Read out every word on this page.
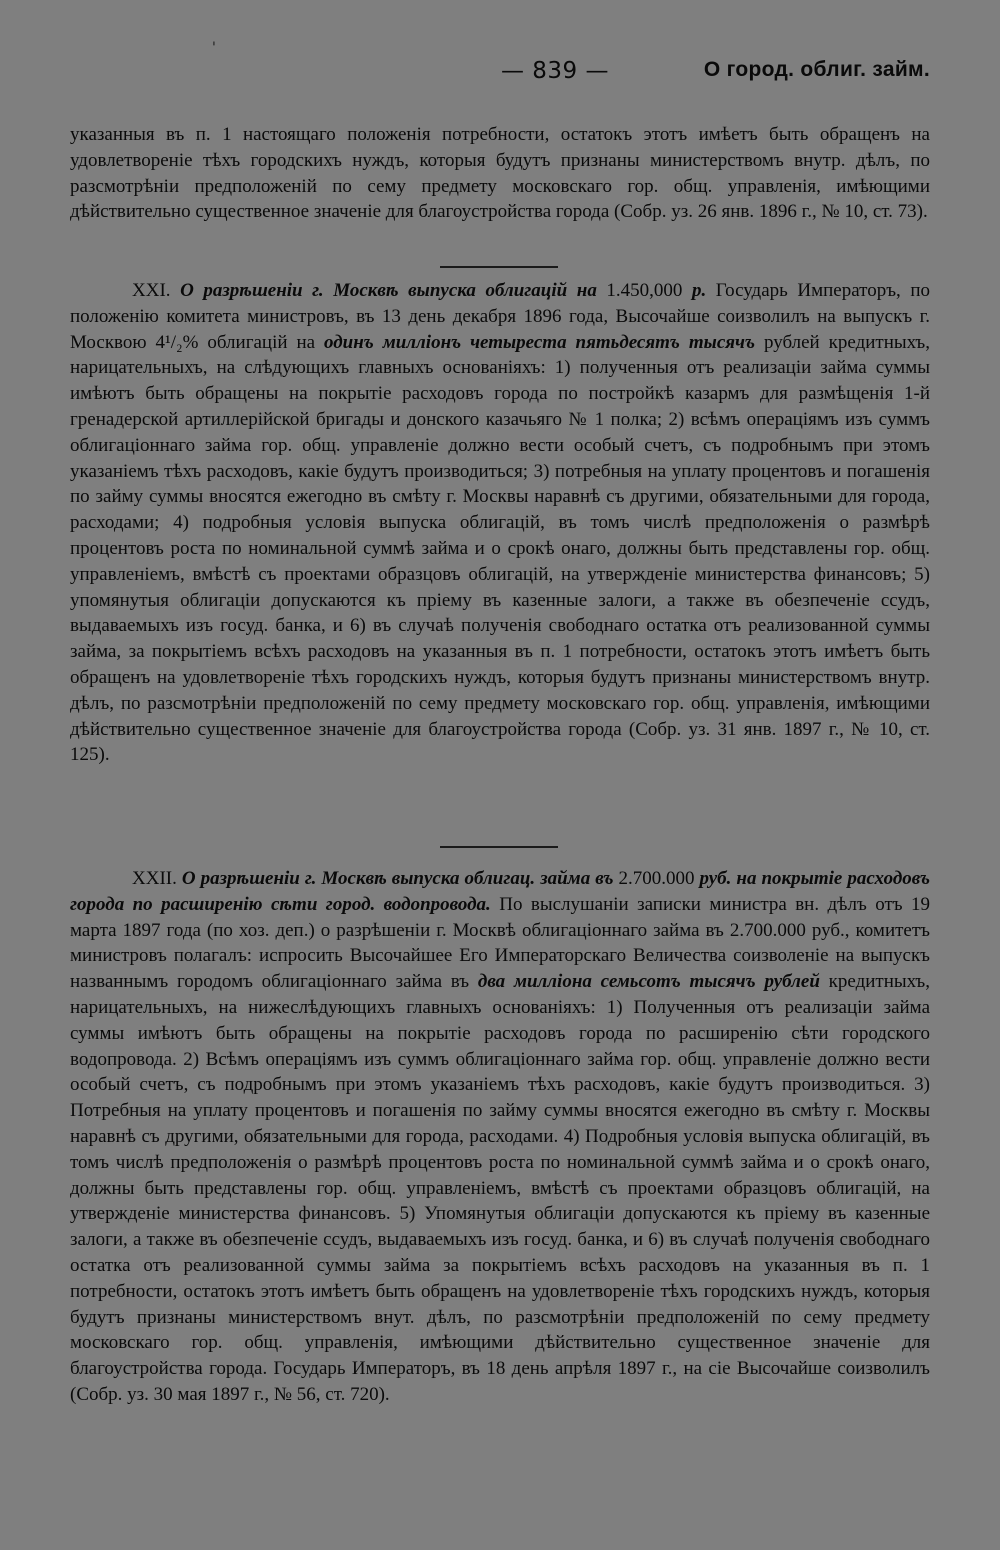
'
— 839 —	О город. облиг. займ.

указанныя въ п. 1 настоящаго положенія потребности, остатокъ этотъ имѣетъ быть обращенъ на удовлетвореніе тѣхъ городскихъ нуждъ, которыя будутъ признаны министерствомъ внутр. дѣлъ, по разсмотрѣніи предположеній по сему предмету московскаго гор. общ. управленія, имѣющими дѣйствительно существенное значеніе для благоустройства города (Собр. уз. 26 янв. 1896 г., № 10, ст. 73).

XXI. О разрѣшеніи г. Москвѣ выпуска облигацій на 1.450,000 р. Государь Императоръ, по положенію комитета министровъ, въ 13 день декабря 1896 года, Высочайше соизволилъ на выпускъ г. Москвою 4¹/₂% облигацій на одинъ милліонъ четыреста пятьдесятъ тысячъ рублей кредитныхъ, нарицательныхъ, на слѣдующихъ главныхъ основаніяхъ: 1) полученныя отъ реализаціи займа суммы имѣютъ быть обращены на покрытіе расходовъ города по постройкѣ казармъ для размѣщенія 1-й гренадерской артиллерійской бригады и донского казачьяго № 1 полка; 2) всѣмъ операціямъ изъ суммъ облигаціоннаго займа гор. общ. управленіе должно вести особый счетъ, съ подробнымъ при этомъ указаніемъ тѣхъ расходовъ, какіе будутъ производиться; 3) потребныя на уплату процентовъ и погашенія по займу суммы вносятся ежегодно въ смѣту г. Москвы наравнѣ съ другими, обязательными для города, расходами; 4) подробныя условія выпуска облигацій, въ томъ числѣ предположенія о размѣрѣ процентовъ роста по номинальной суммѣ займа и о срокѣ онаго, должны быть представлены гор. общ. управленіемъ, вмѣстѣ съ проектами образцовъ облигацій, на утвержденіе министерства финансовъ; 5) упомянутыя облигаціи допускаются къ пріему въ казенные залоги, а также въ обезпеченіе ссудъ, выдаваемыхъ изъ госуд. банка, и 6) въ случаѣ полученія свободнаго остатка отъ реализованной суммы займа, за покрытіемъ всѣхъ расходовъ на указанныя въ п. 1 потребности, остатокъ этотъ имѣетъ быть обращенъ на удовлетвореніе тѣхъ городскихъ нуждъ, которыя будутъ признаны министерствомъ внутр. дѣлъ, по разсмотрѣніи предположеній по сему предмету московскаго гор. общ. управленія, имѣющими дѣйствительно существенное значеніе для благоустройства города (Собр. уз. 31 янв. 1897 г., № 10, ст. 125).

XXII. О разрѣшеніи г. Москвѣ выпуска облигац. займа въ 2.700.000 руб. на покрытіе расходовъ города по расширенію сѣти город. водопровода. По выслушаніи записки министра вн. дѣлъ отъ 19 марта 1897 года (по хоз. деп.) о разрѣшеніи г. Москвѣ облигаціоннаго займа въ 2.700.000 руб., комитетъ министровъ полагалъ: испросить Высочайшее Его Императорскаго Величества соизволеніе на выпускъ названнымъ городомъ облигаціоннаго займа въ два милліона семьсотъ тысячъ рублей кредитныхъ, нарицательныхъ, на нижеслѣдующихъ главныхъ основаніяхъ: 1) Полученныя отъ реализаціи займа суммы имѣютъ быть обращены на покрытіе расходовъ города по расширенію сѣти городского водопровода. 2) Всѣмъ операціямъ изъ суммъ облигаціоннаго займа гор. общ. управленіе должно вести особый счетъ, съ подробнымъ при этомъ указаніемъ тѣхъ расходовъ, какіе будутъ производиться. 3) Потребныя на уплату процентовъ и погашенія по займу суммы вносятся ежегодно въ смѣту г. Москвы наравнѣ съ другими, обязательными для города, расходами. 4) Подробныя условія выпуска облигацій, въ томъ числѣ предположенія о размѣрѣ процентовъ роста по номинальной суммѣ займа и о срокѣ онаго, должны быть представлены гор. общ. управленіемъ, вмѣстѣ съ проектами образцовъ облигацій, на утвержденіе министерства финансовъ. 5) Упомянутыя облигаціи допускаются къ пріему въ казенные залоги, а также въ обезпеченіе ссудъ, выдаваемыхъ изъ госуд. банка, и 6) въ случаѣ полученія свободнаго остатка отъ реализованной суммы займа за покрытіемъ всѣхъ расходовъ на указанныя въ п. 1 потребности, остатокъ этотъ имѣетъ быть обращенъ на удовлетвореніе тѣхъ городскихъ нуждъ, которыя будутъ признаны министерствомъ внут. дѣлъ, по разсмотрѣніи предположеній по сему предмету московскаго гор. общ. управленія, имѣющими дѣйствительно существенное значеніе для благоустройства города. Государь Императоръ, въ 18 день апрѣля 1897 г., на сіе Высочайше соизволилъ (Собр. уз. 30 мая 1897 г., № 56, ст. 720).
